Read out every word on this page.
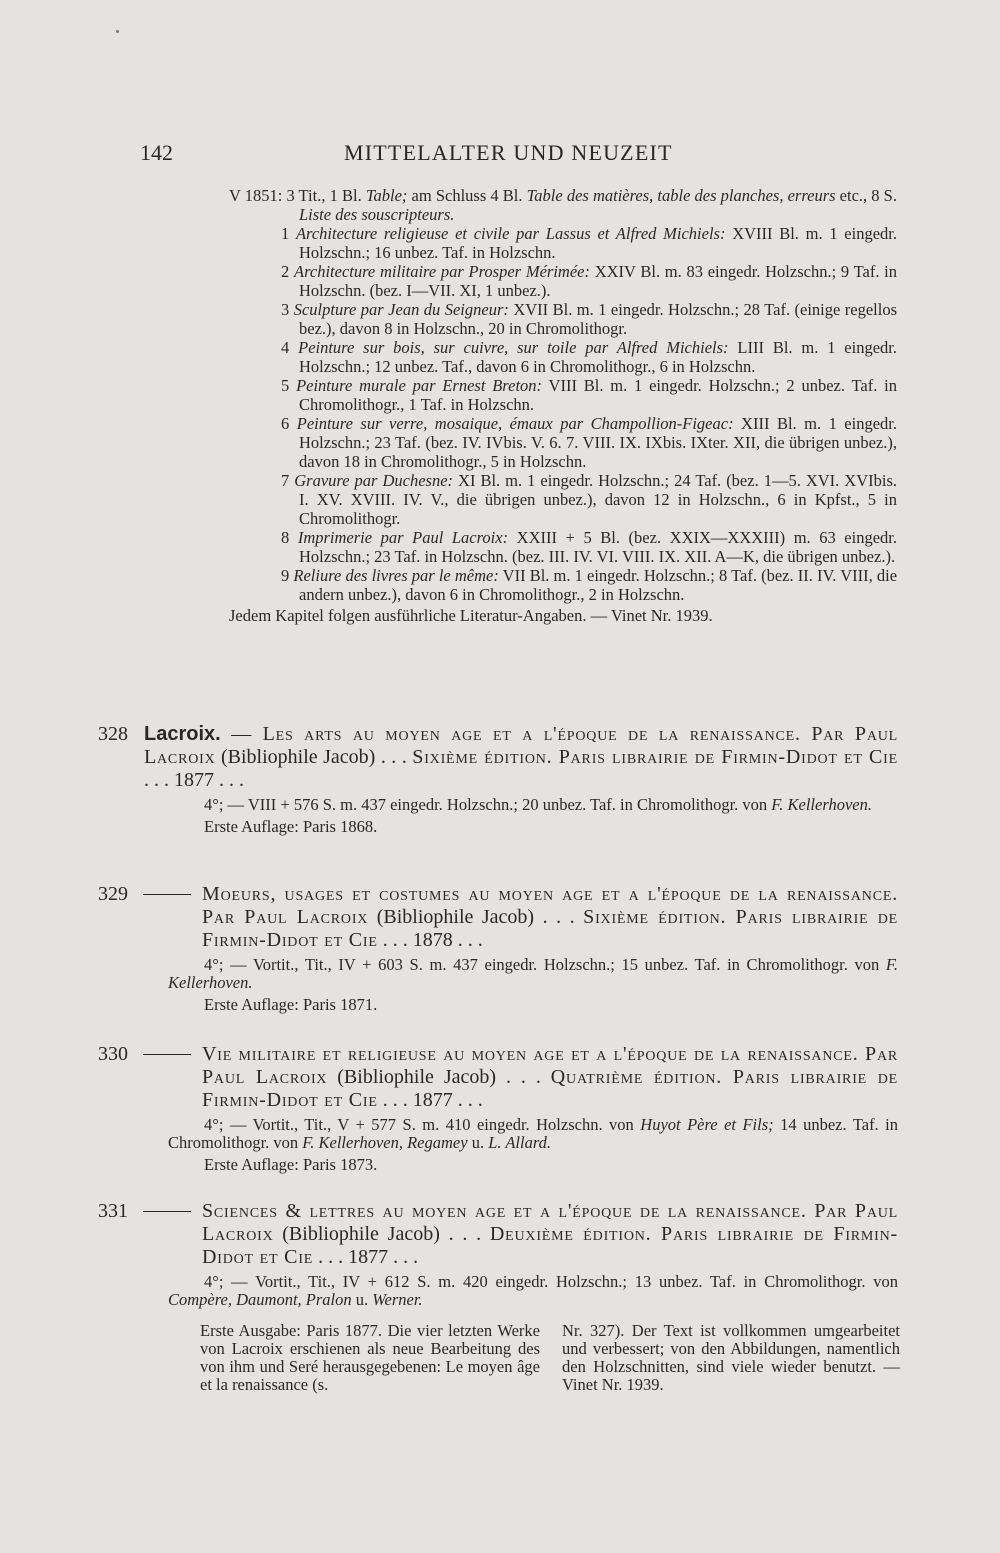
142	MITTELALTER UND NEUZEIT

V 1851: 3 Tit., 1 Bl. Table; am Schluss 4 Bl. Table des matières, table des planches, erreurs etc., 8 S. Liste des souscripteurs.

1 Architecture religieuse et civile par Lassus et Alfred Michiels: XVIII Bl. m. 1 eingedr. Holzschn.; 16 unbez. Taf. in Holzschn.

2 Architecture militaire par Prosper Mérimée: XXIV Bl. m. 83 eingedr. Holzschn.; 9 Taf. in Holzschn. (bez. I—VII. XI, 1 unbez.).

3 Sculpture par Jean du Seigneur: XVII Bl. m. 1 eingedr. Holzschn.; 28 Taf. (einige regellos bez.), davon 8 in Holzschn., 20 in Chromolithogr.

4 Peinture sur bois, sur cuivre, sur toile par Alfred Michiels: LIII Bl. m. 1 eingedr. Holzschn.; 12 unbez. Taf., davon 6 in Chromolithogr., 6 in Holzschn.

5 Peinture murale par Ernest Breton: VIII Bl. m. 1 eingedr. Holzschn.; 2 unbez. Taf. in Chromolithogr., 1 Taf. in Holzschn.

6 Peinture sur verre, mosaique, émaux par Champollion-Figeac: XIII Bl. m. 1 eingedr. Holzschn.; 23 Taf. (bez. IV. IVbis. V. 6. 7. VIII. IX. IXbis. IXter. XII, die übrigen unbez.), davon 18 in Chromolithogr., 5 in Holzschn.

7 Gravure par Duchesne: XI Bl. m. 1 eingedr. Holzschn.; 24 Taf. (bez. 1—5. XVI. XVIbis. I. XV. XVIII. IV. V., die übrigen unbez.), davon 12 in Holzschn., 6 in Kpfst., 5 in Chromolithogr.

8 Imprimerie par Paul Lacroix: XXIII + 5 Bl. (bez. XXIX—XXXIII) m. 63 eingedr. Holzschn.; 23 Taf. in Holzschn. (bez. III. IV. VI. VIII. IX. XII. A—K, die übrigen unbez.).

9 Reliure des livres par le même: VII Bl. m. 1 eingedr. Holzschn.; 8 Taf. (bez. II. IV. VIII, die andern unbez.), davon 6 in Chromolithogr., 2 in Holzschn.

Jedem Kapitel folgen ausführliche Literatur-Angaben. — Vinet Nr. 1939.

328 Lacroix. — Les arts au moyen age et a l'époque de la renaissance. Par Paul Lacroix (Bibliophile Jacob) . . . Sixième édition. Paris librairie de Firmin-Didot et Cie . . . 1877 . . .
4°; — VIII + 576 S. m. 437 eingedr. Holzschn.; 20 unbez. Taf. in Chromolithogr. von F. Kellerhoven.
Erste Auflage: Paris 1868.
329	Moeurs, usages et costumes au moyen age et a l'époque de la renaissance. Par Paul Lacroix (Bibliophile Jacob) . . . Sixième édition. Paris librairie de Firmin-Didot et Cie . . . 1878 . . .
4°; — Vortit., Tit., IV + 603 S. m. 437 eingedr. Holzschn.; 15 unbez. Taf. in Chromolithogr. von F. Kellerhoven.
Erste Auflage: Paris 1871.
330	Vie militaire et religieuse au moyen age et a l'époque de la renaissance. Par Paul Lacroix (Bibliophile Jacob) . . . Quatrième édition. Paris librairie de Firmin-Didot et Cie . . . 1877 . . .
4°; — Vortit., Tit., V + 577 S. m. 410 eingedr. Holzschn. von Huyot Père et Fils; 14 unbez. Taf. in Chromolithogr. von F. Kellerhoven, Regamey u. L. Allard.
Erste Auflage: Paris 1873.
331	Sciences & lettres au moyen age et a l'époque de la renaissance. Par Paul Lacroix (Bibliophile Jacob) . . . Deuxième édition. Paris librairie de Firmin-Didot et Cie . . . 1877 . . .
4°; — Vortit., Tit., IV + 612 S. m. 420 eingedr. Holzschn.; 13 unbez. Taf. in Chromolithogr. von Compère, Daumont, Pralon u. Werner.

Erste Ausgabe: Paris 1877. Die vier letzten Werke von Lacroix erschienen als neue Bearbeitung des von ihm und Seré herausgegebenen: Le moyen âge et la renaissance (s.

Nr. 327). Der Text ist vollkommen umgearbeitet und verbessert; von den Abbildungen, namentlich den Holzschnitten, sind viele wieder benutzt. — Vinet Nr. 1939.
